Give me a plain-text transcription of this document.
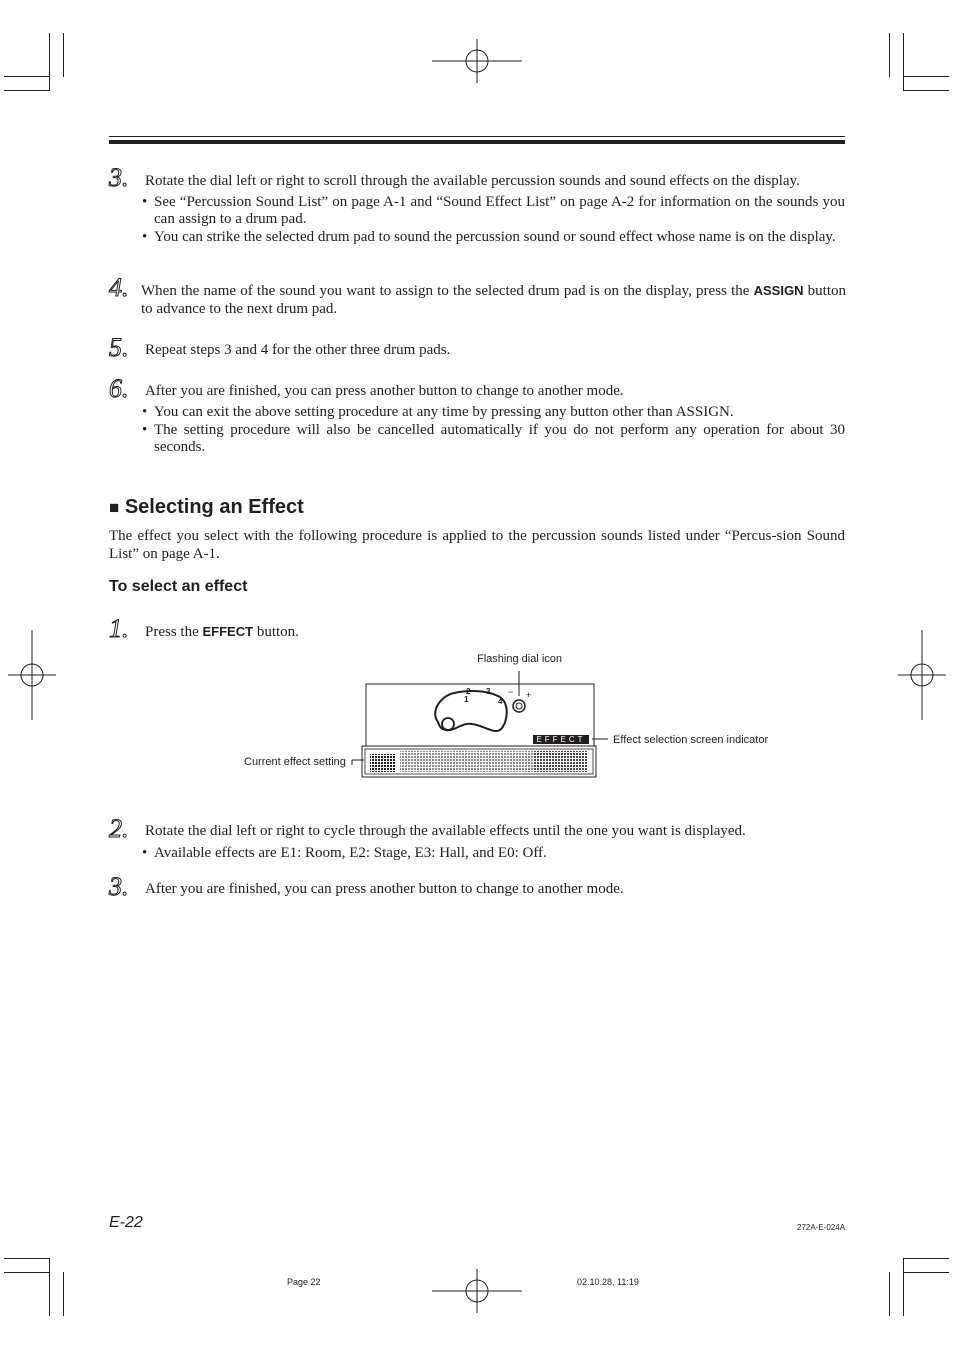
3. Rotate the dial left or right to scroll through the available percussion sounds and sound effects on the display.
• See “Percussion Sound List” on page A-1 and “Sound Effect List” on page A-2 for information on the sounds you can assign to a drum pad.
• You can strike the selected drum pad to sound the percussion sound or sound effect whose name is on the display.
4. When the name of the sound you want to assign to the selected drum pad is on the display, press the ASSIGN button to advance to the next drum pad.
5. Repeat steps 3 and 4 for the other three drum pads.
6. After you are finished, you can press another button to change to another mode.
• You can exit the above setting procedure at any time by pressing any button other than ASSIGN.
• The setting procedure will also be cancelled automatically if you do not perform any operation for about 30 seconds.
■ Selecting an Effect
The effect you select with the following procedure is applied to the percussion sounds listed under “Percus-sion Sound List” on page A-1.
To select an effect
1. Press the EFFECT button.
Flashing dial icon
Effect selection screen indicator
Current effect setting
1
2 3
4
− +
EFFECT
2. Rotate the dial left or right to cycle through the available effects until the one you want is displayed.
• Available effects are E1: Room, E2: Stage, E3: Hall, and E0: Off.
3. After you are finished, you can press another button to change to another mode.
E-22	272A-E-024A
Page 22	02.10.28, 11:19
